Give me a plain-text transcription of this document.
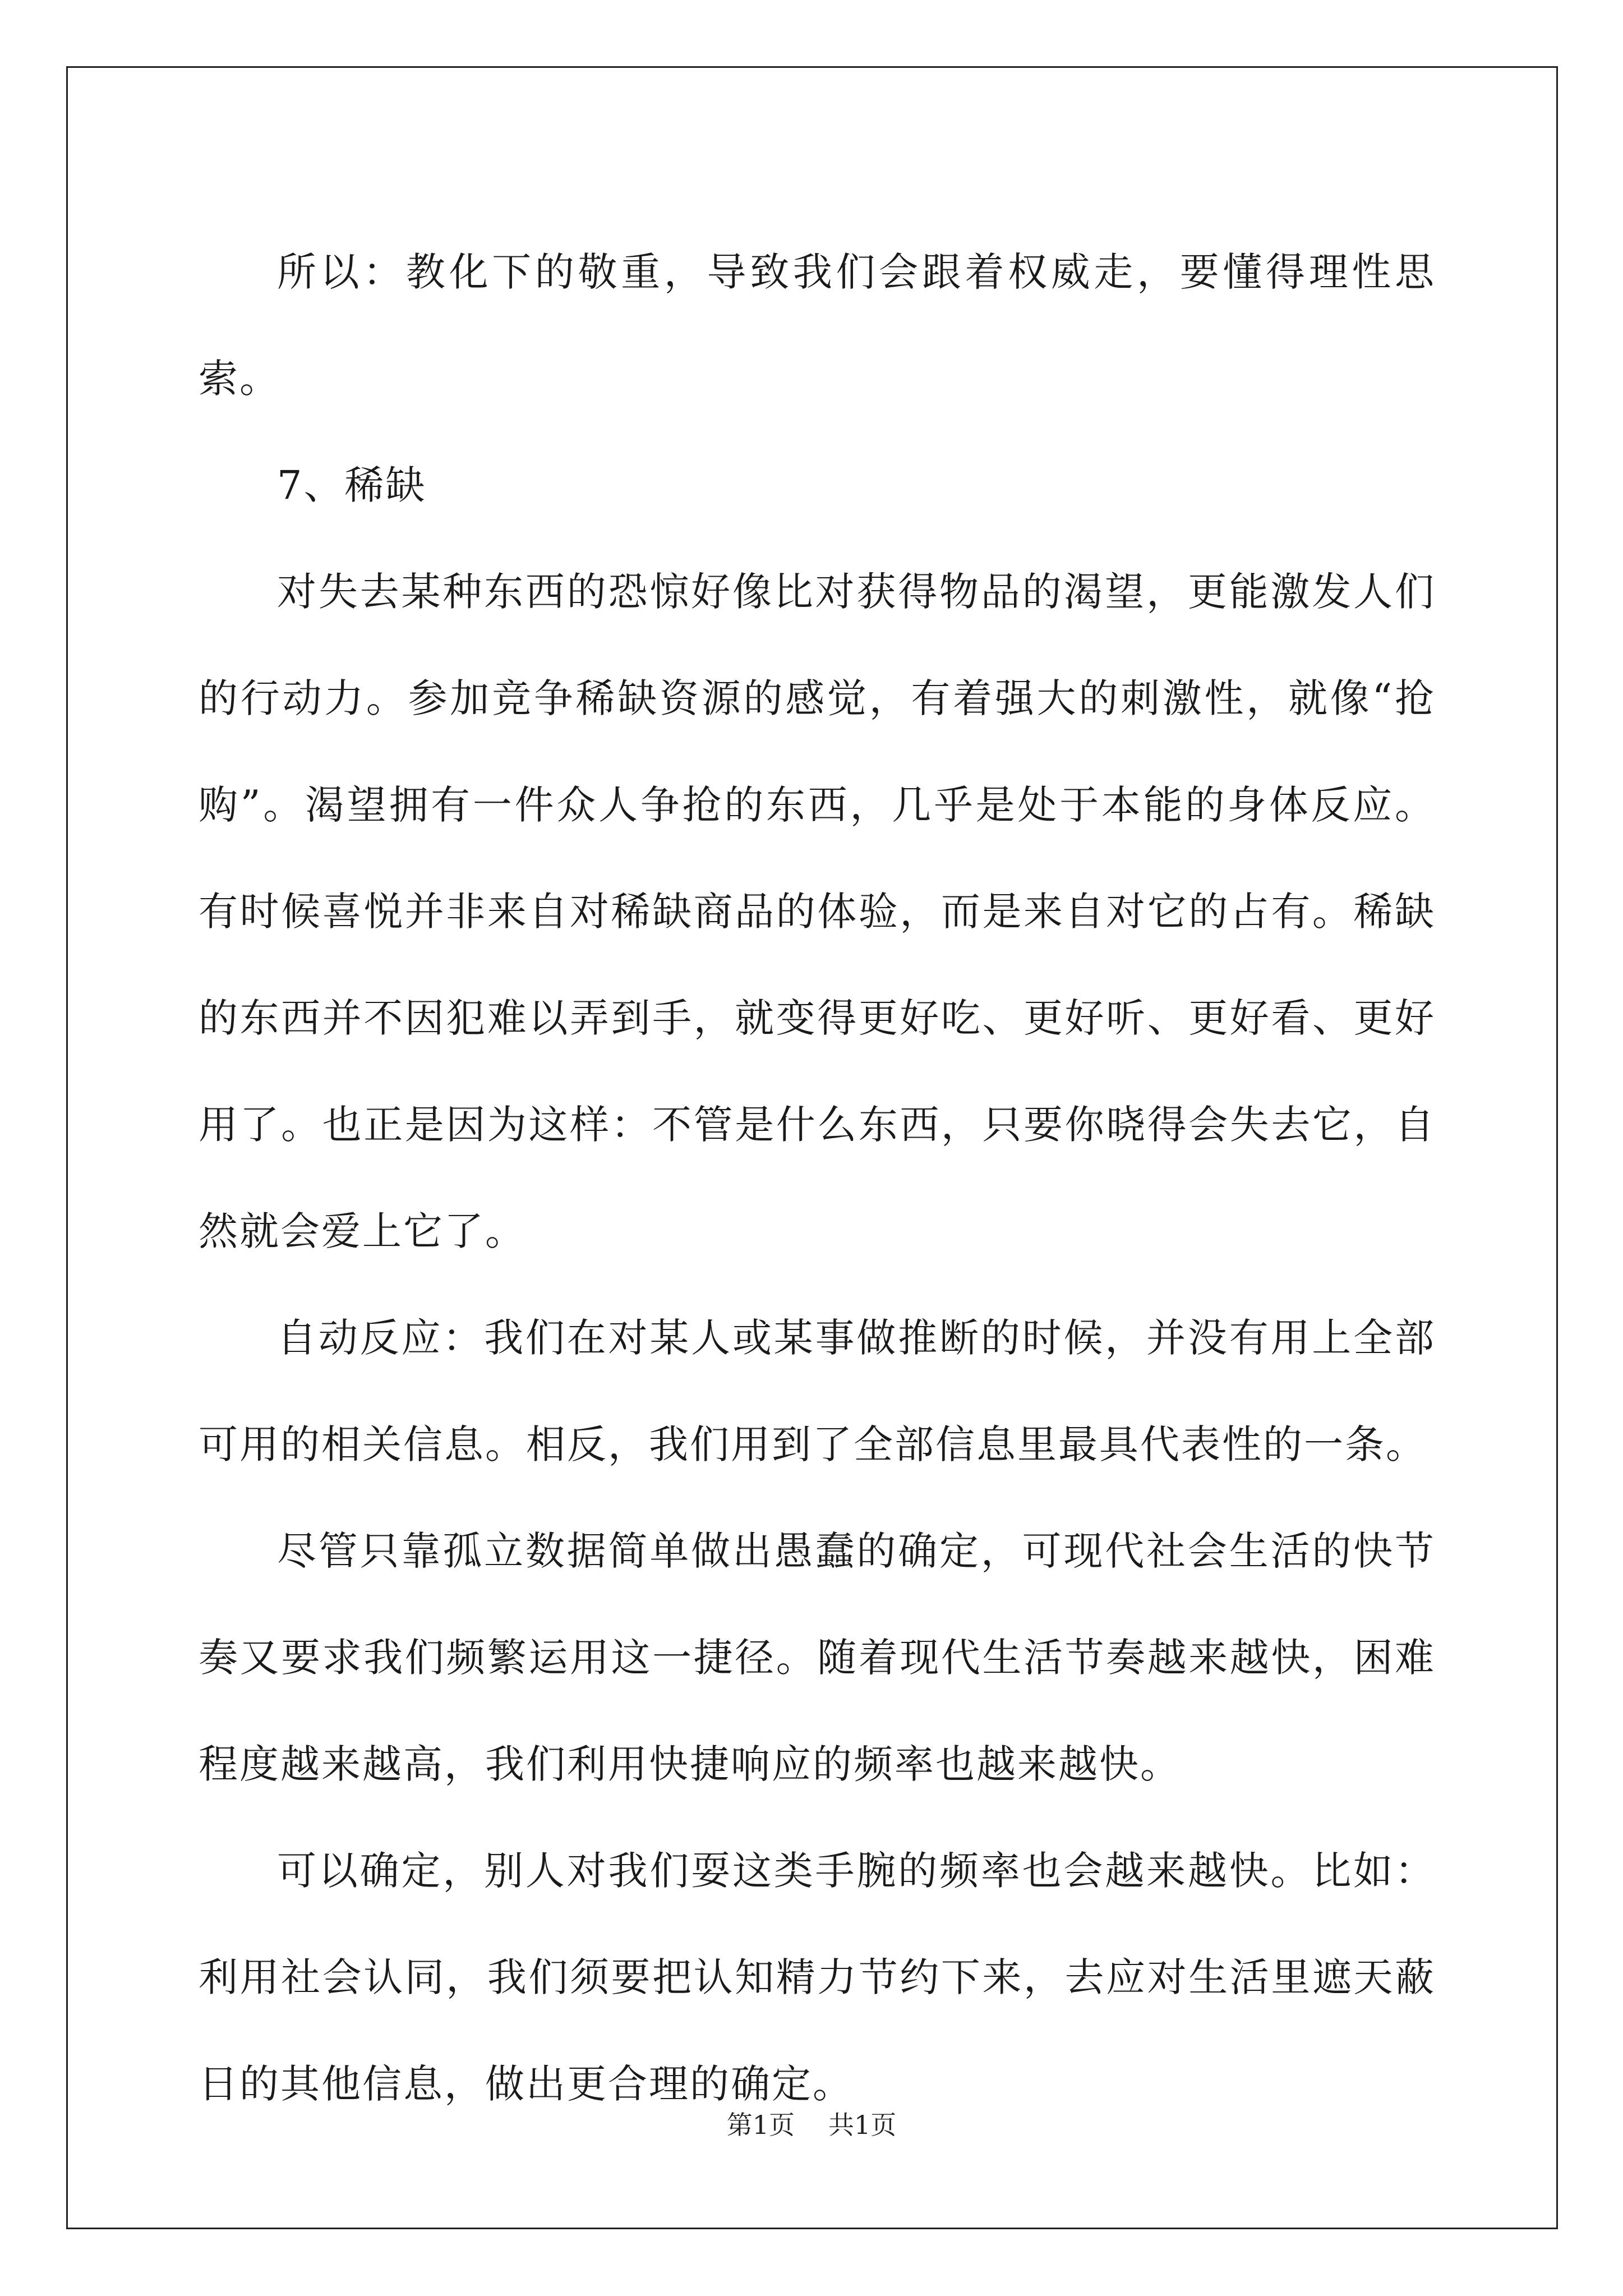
所以：教化下的敬重，导致我们会跟着权威走，要懂得理性思索。

7、稀缺

对失去某种东西的恐惊好像比对获得物品的渴望，更能激发人们的行动力。参加竞争稀缺资源的感觉，有着强大的刺激性，就像“抢购”。渴望拥有一件众人争抢的东西，几乎是处于本能的身体反应。有时候喜悦并非来自对稀缺商品的体验，而是来自对它的占有。稀缺的东西并不因犯难以弄到手，就变得更好吃、更好听、更好看、更好用了。也正是因为这样：不管是什么东西，只要你晓得会失去它，自然就会爱上它了。

自动反应：我们在对某人或某事做推断的时候，并没有用上全部可用的相关信息。相反，我们用到了全部信息里最具代表性的一条。

尽管只靠孤立数据简单做出愚蠢的确定，可现代社会生活的快节奏又要求我们频繁运用这一捷径。随着现代生活节奏越来越快，困难程度越来越高，我们利用快捷响应的频率也越来越快。

可以确定，别人对我们耍这类手腕的频率也会越来越快。比如：利用社会认同，我们须要把认知精力节约下来，去应对生活里遮天蔽日的其他信息，做出更合理的确定。

第1页 共1页
